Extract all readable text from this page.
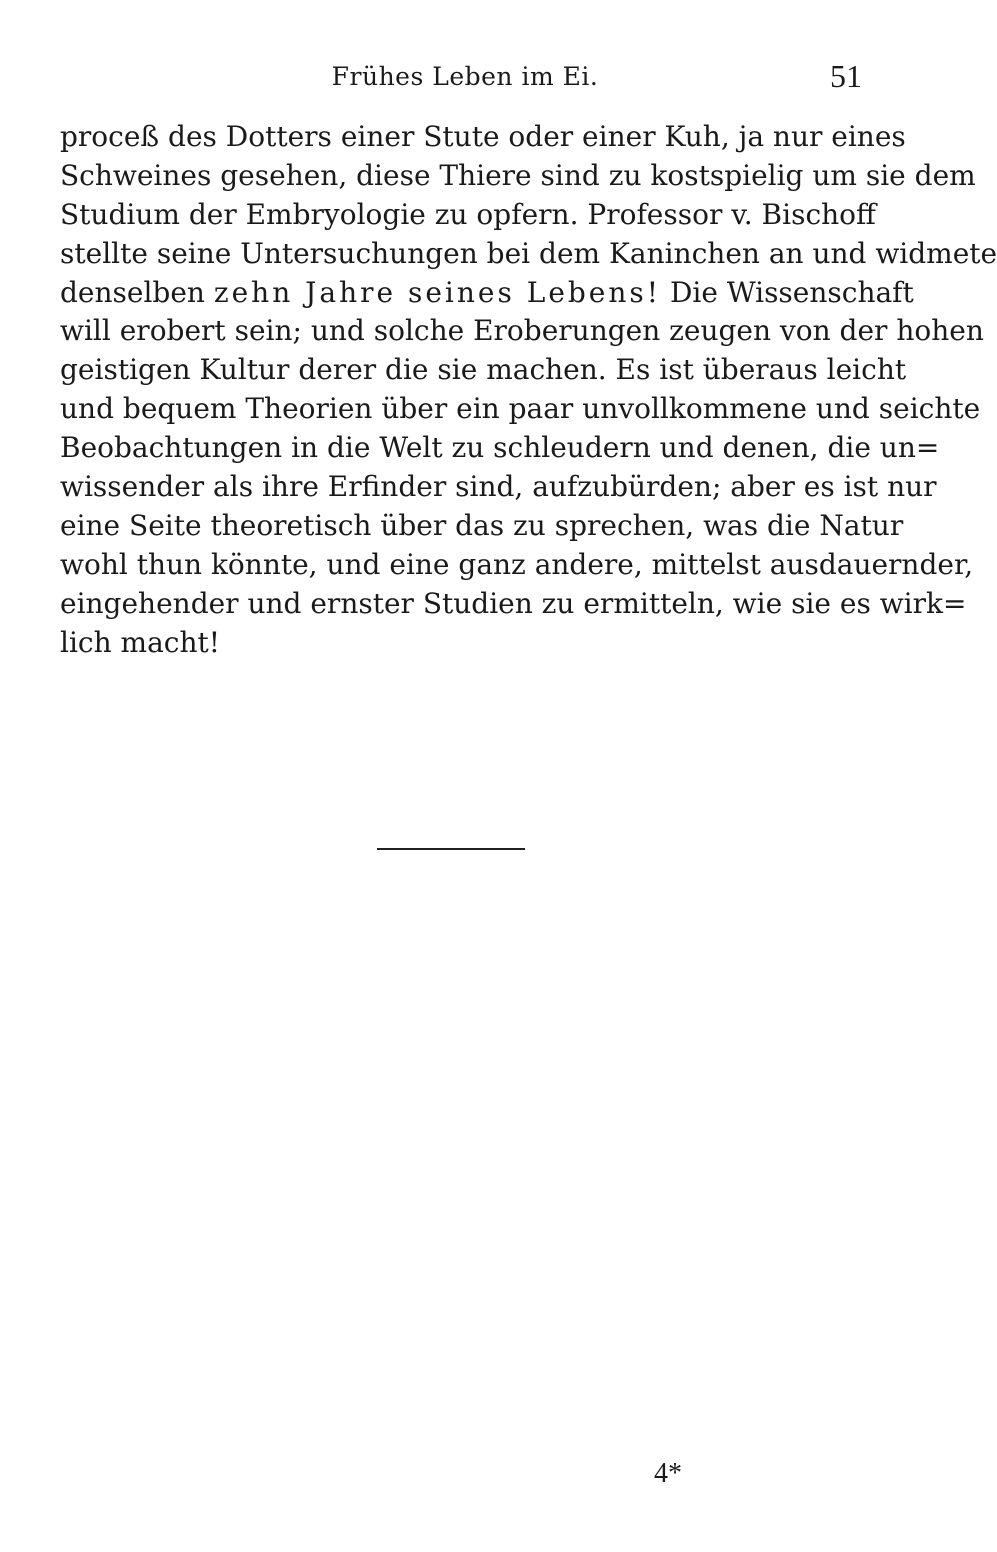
Frühes Leben im Ei.	51
proceß des Dotters einer Stute oder einer Kuh, ja nur eines
Schweines gesehen, diese Thiere sind zu kostspielig um sie dem
Studium der Embryologie zu opfern. Professor v. Bischoff
stellte seine Untersuchungen bei dem Kaninchen an und widmete
denselben zehn Jahre seines Lebens! Die Wissenschaft
will erobert sein; und solche Eroberungen zeugen von der hohen
geistigen Kultur derer die sie machen. Es ist überaus leicht
und bequem Theorien über ein paar unvollkommene und seichte
Beobachtungen in die Welt zu schleudern und denen, die un=
wissender als ihre Erfinder sind, aufzubürden; aber es ist nur
eine Seite theoretisch über das zu sprechen, was die Natur
wohl thun könnte, und eine ganz andere, mittelst ausdauernder,
eingehender und ernster Studien zu ermitteln, wie sie es wirk=
lich macht!
4*
